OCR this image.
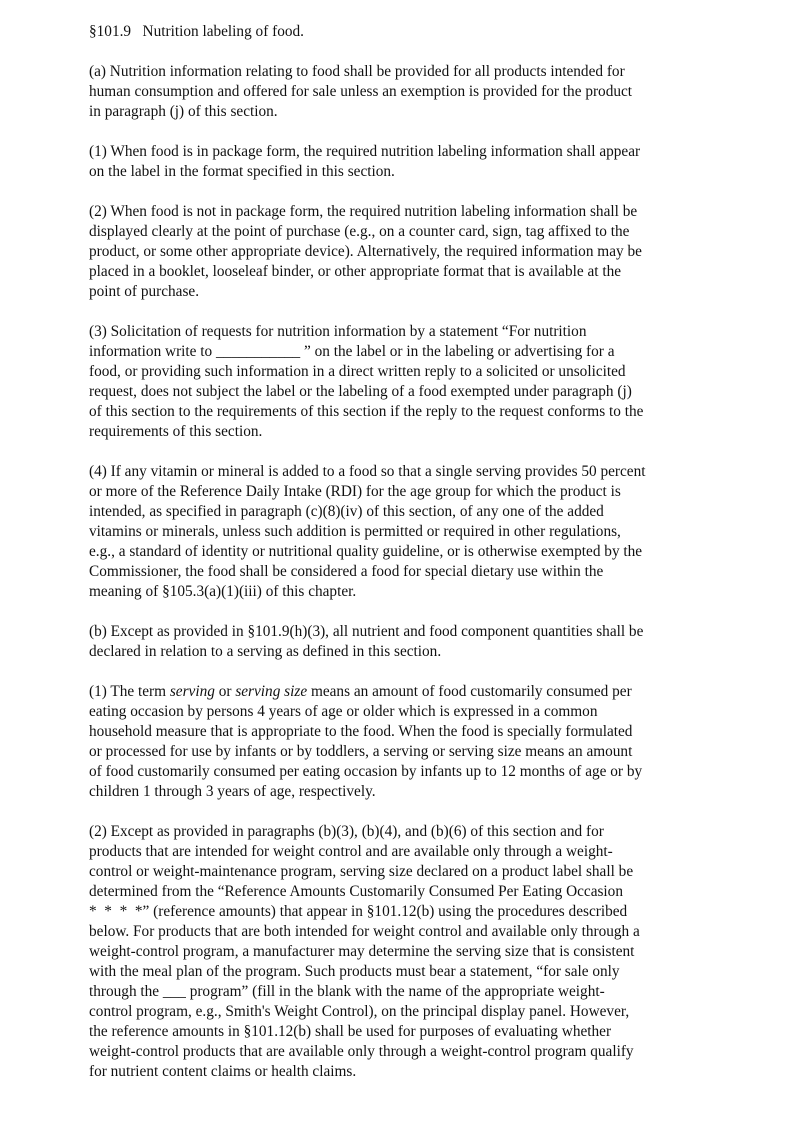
§101.9   Nutrition labeling of food.
(a) Nutrition information relating to food shall be provided for all products intended for
human consumption and offered for sale unless an exemption is provided for the product
in paragraph (j) of this section.
(1) When food is in package form, the required nutrition labeling information shall appear
on the label in the format specified in this section.
(2) When food is not in package form, the required nutrition labeling information shall be
displayed clearly at the point of purchase (e.g., on a counter card, sign, tag affixed to the
product, or some other appropriate device). Alternatively, the required information may be
placed in a booklet, looseleaf binder, or other appropriate format that is available at the
point of purchase.
(3) Solicitation of requests for nutrition information by a statement “For nutrition
information write to ___________ ” on the label or in the labeling or advertising for a
food, or providing such information in a direct written reply to a solicited or unsolicited
request, does not subject the label or the labeling of a food exempted under paragraph (j)
of this section to the requirements of this section if the reply to the request conforms to the
requirements of this section.
(4) If any vitamin or mineral is added to a food so that a single serving provides 50 percent
or more of the Reference Daily Intake (RDI) for the age group for which the product is
intended, as specified in paragraph (c)(8)(iv) of this section, of any one of the added
vitamins or minerals, unless such addition is permitted or required in other regulations,
e.g., a standard of identity or nutritional quality guideline, or is otherwise exempted by the
Commissioner, the food shall be considered a food for special dietary use within the
meaning of §105.3(a)(1)(iii) of this chapter.
(b) Except as provided in §101.9(h)(3), all nutrient and food component quantities shall be
declared in relation to a serving as defined in this section.
(1) The term serving or serving size means an amount of food customarily consumed per
eating occasion by persons 4 years of age or older which is expressed in a common
household measure that is appropriate to the food. When the food is specially formulated
or processed for use by infants or by toddlers, a serving or serving size means an amount
of food customarily consumed per eating occasion by infants up to 12 months of age or by
children 1 through 3 years of age, respectively.
(2) Except as provided in paragraphs (b)(3), (b)(4), and (b)(6) of this section and for
products that are intended for weight control and are available only through a weight-
control or weight-maintenance program, serving size declared on a product label shall be
determined from the “Reference Amounts Customarily Consumed Per Eating Occasion
*  *  *  *” (reference amounts) that appear in §101.12(b) using the procedures described
below. For products that are both intended for weight control and available only through a
weight-control program, a manufacturer may determine the serving size that is consistent
with the meal plan of the program. Such products must bear a statement, “for sale only
through the ___ program” (fill in the blank with the name of the appropriate weight-
control program, e.g., Smith's Weight Control), on the principal display panel. However,
the reference amounts in §101.12(b) shall be used for purposes of evaluating whether
weight-control products that are available only through a weight-control program qualify
for nutrient content claims or health claims.
